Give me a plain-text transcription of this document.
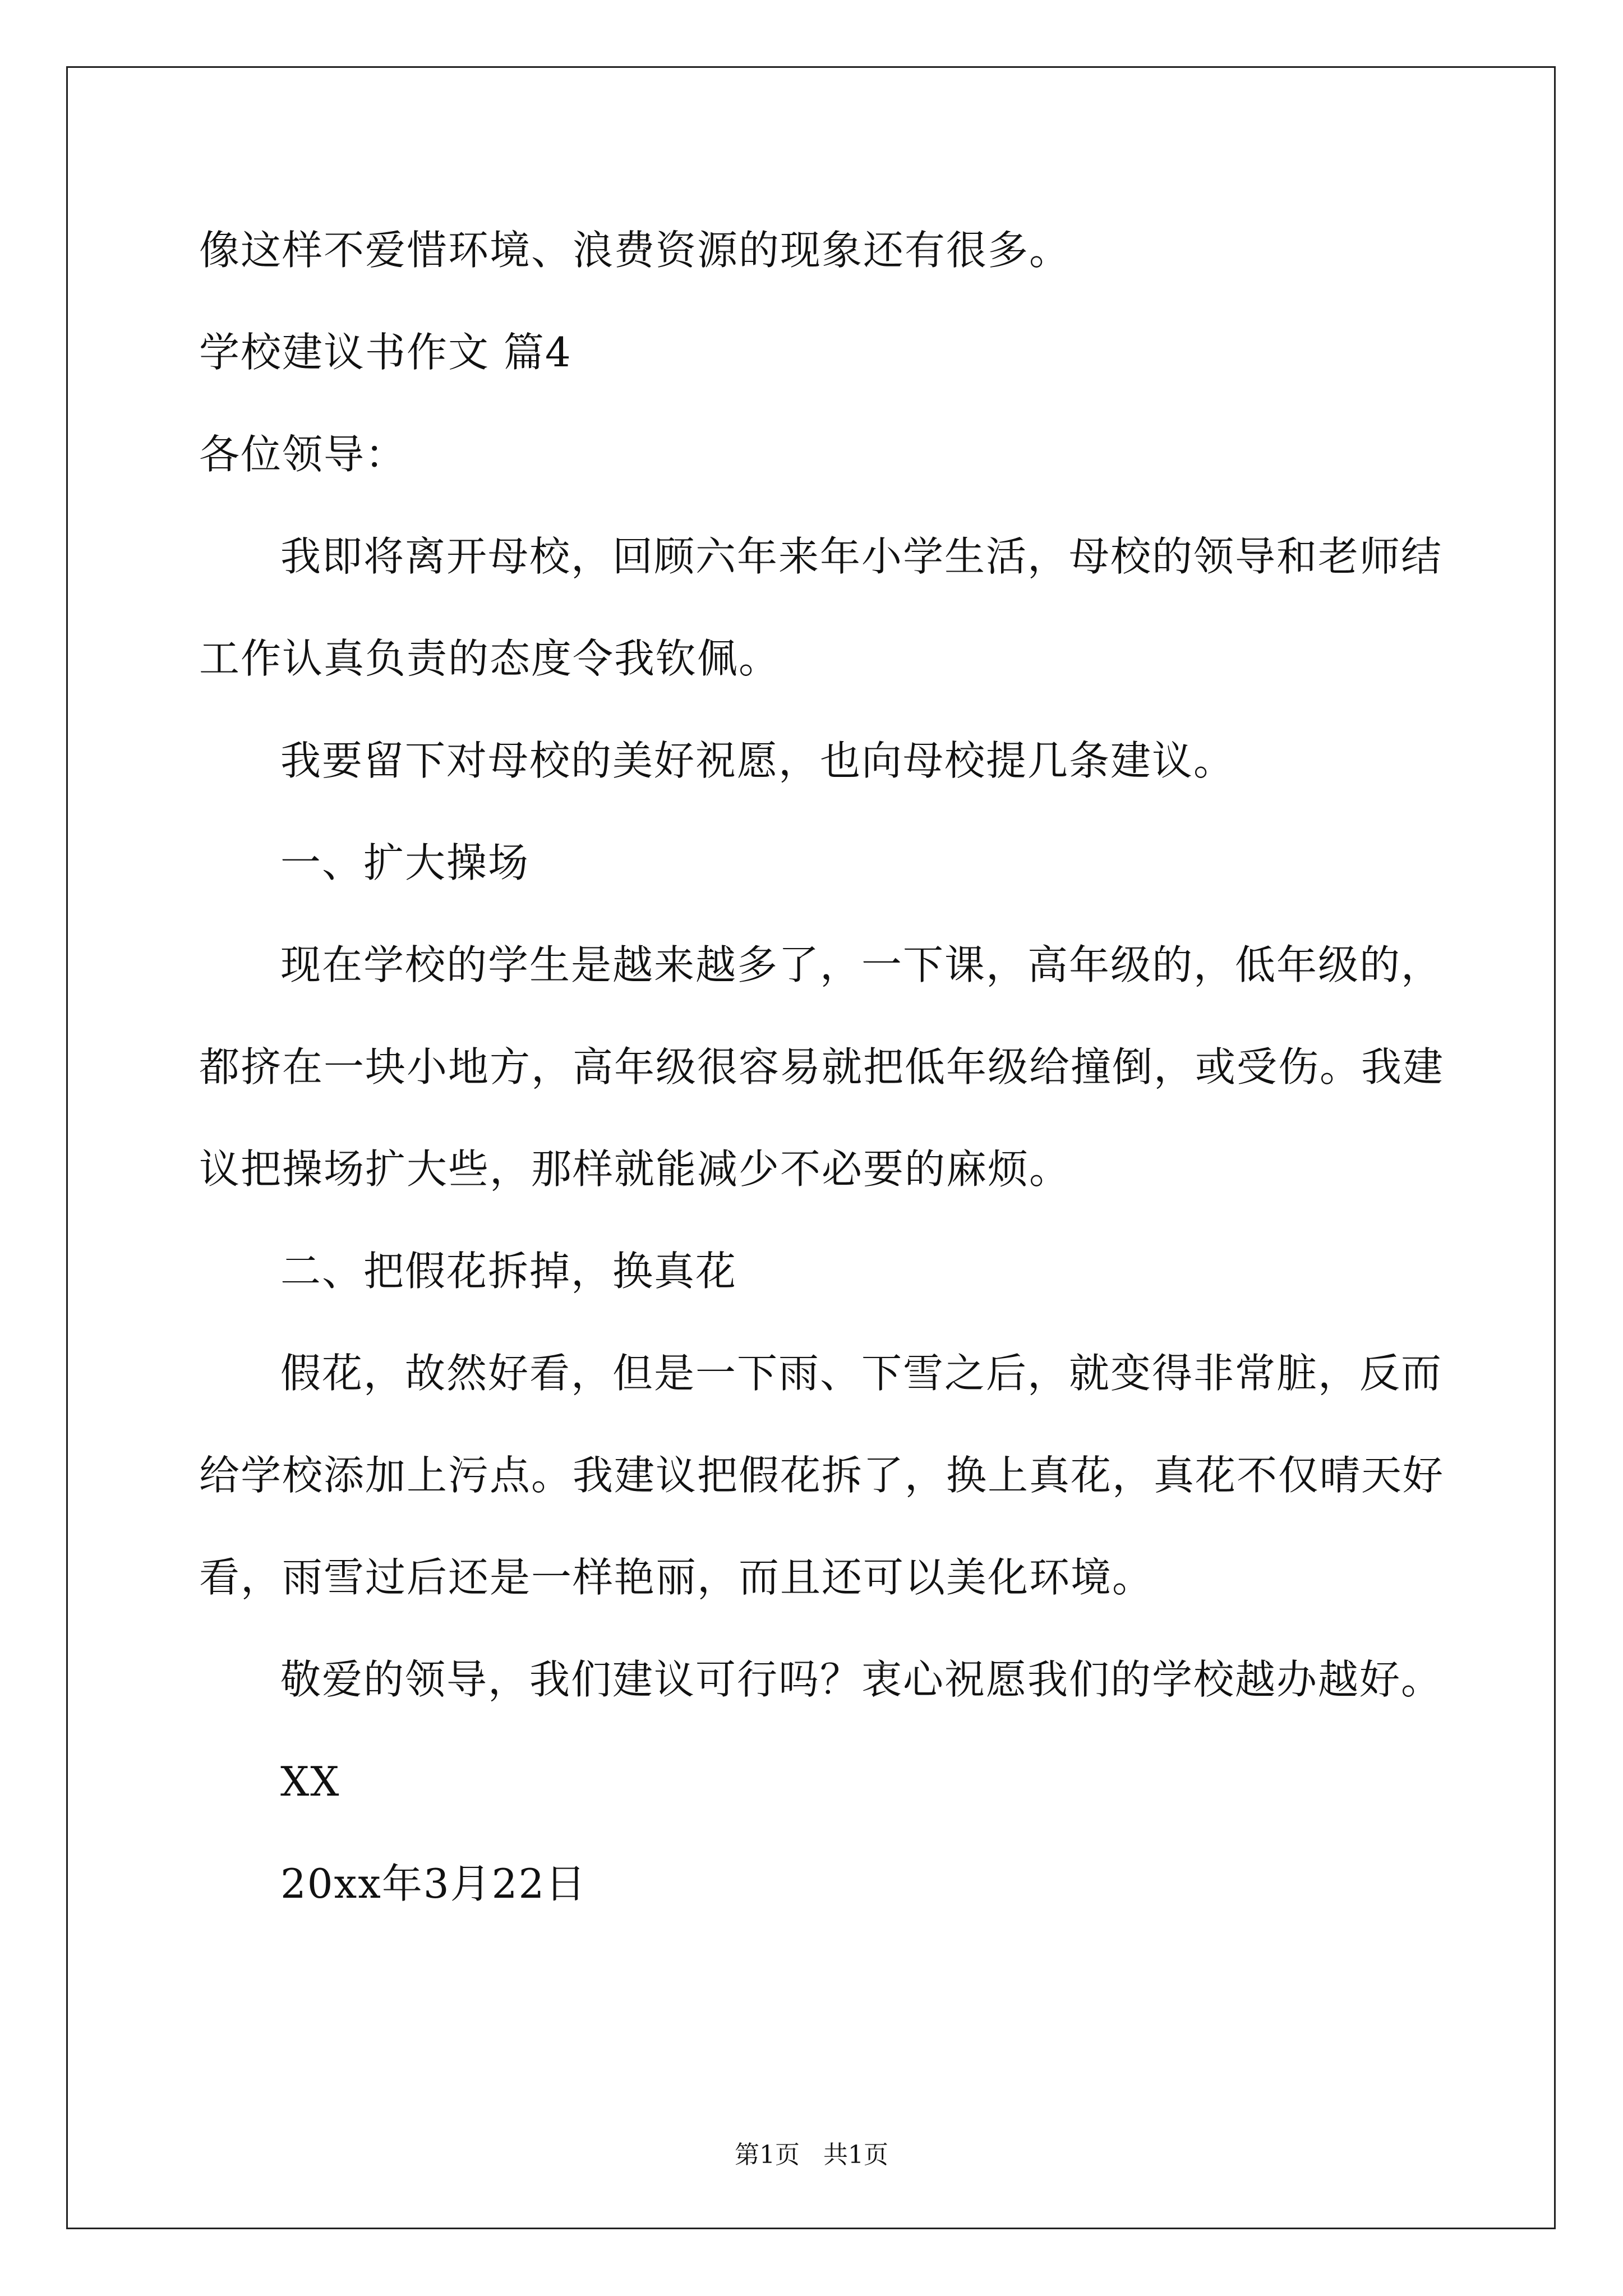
像这样不爱惜环境、浪费资源的现象还有很多。
学校建议书作文 篇4
各位领导：
我即将离开母校，回顾六年来年小学生活，母校的领导和老师结
工作认真负责的态度令我钦佩。
我要留下对母校的美好祝愿，也向母校提几条建议。
一、扩大操场
现在学校的学生是越来越多了，一下课，高年级的，低年级的，
都挤在一块小地方，高年级很容易就把低年级给撞倒，或受伤。我建
议把操场扩大些，那样就能减少不必要的麻烦。
二、把假花拆掉，换真花
假花，故然好看，但是一下雨、下雪之后，就变得非常脏，反而
给学校添加上污点。我建议把假花拆了，换上真花，真花不仅晴天好
看，雨雪过后还是一样艳丽，而且还可以美化环境。
敬爱的领导，我们建议可行吗？衷心祝愿我们的学校越办越好。
XX
20xx年3月22日
第1页   共1页
